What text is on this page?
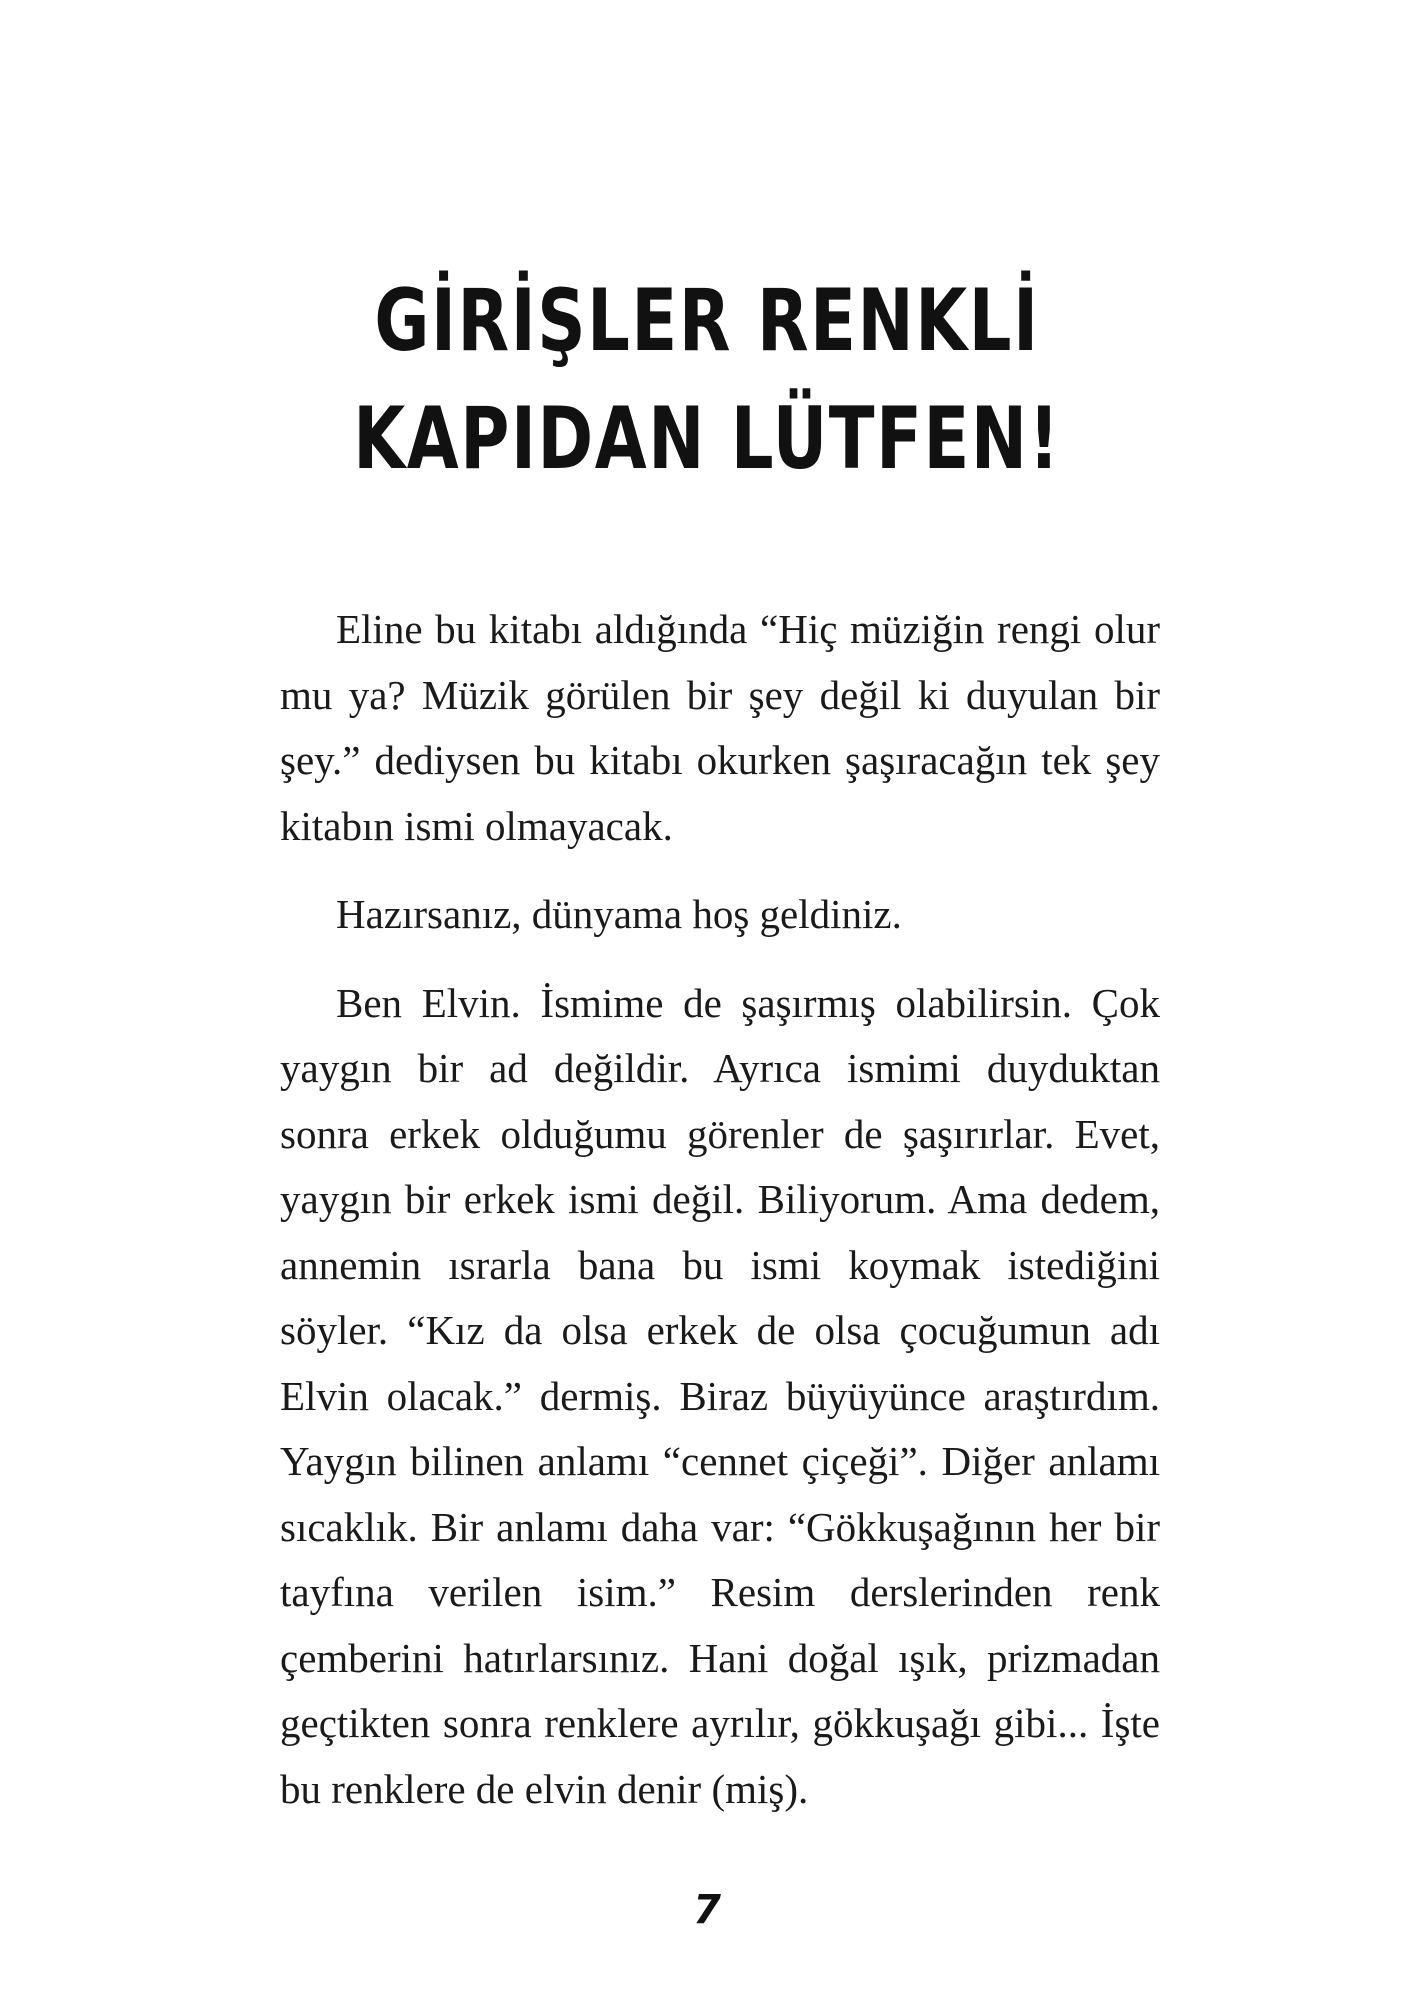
GİRİŞLER RENKLİ
KAPIDAN LÜTFEN!

Eline bu kitabı aldığında “Hiç müziğin rengi olur mu ya? Müzik görülen bir şey değil ki duyulan bir şey.” dediysen bu kitabı okurken şaşıracağın tek şey kitabın ismi olmayacak.

Hazırsanız, dünyama hoş geldiniz.

Ben Elvin. İsmime de şaşırmış olabilirsin. Çok yaygın bir ad değildir. Ayrıca ismimi duyduktan sonra erkek olduğumu görenler de şaşırırlar. Evet, yaygın bir erkek ismi değil. Biliyorum. Ama dedem, annemin ısrarla bana bu ismi koymak istediğini söyler. “Kız da olsa erkek de olsa çocuğumun adı Elvin olacak.” dermiş. Biraz büyüyünce araştırdım. Yaygın bilinen anlamı “cennet çiçeği”. Diğer anlamı sıcaklık. Bir anlamı daha var: “Gökkuşağının her bir tayfına verilen isim.” Resim derslerinden renk çemberini hatırlarsınız. Hani doğal ışık, prizmadan geçtikten sonra renklere ayrılır, gökkuşağı gibi... İşte bu renklere de elvin denir (miş).

7
